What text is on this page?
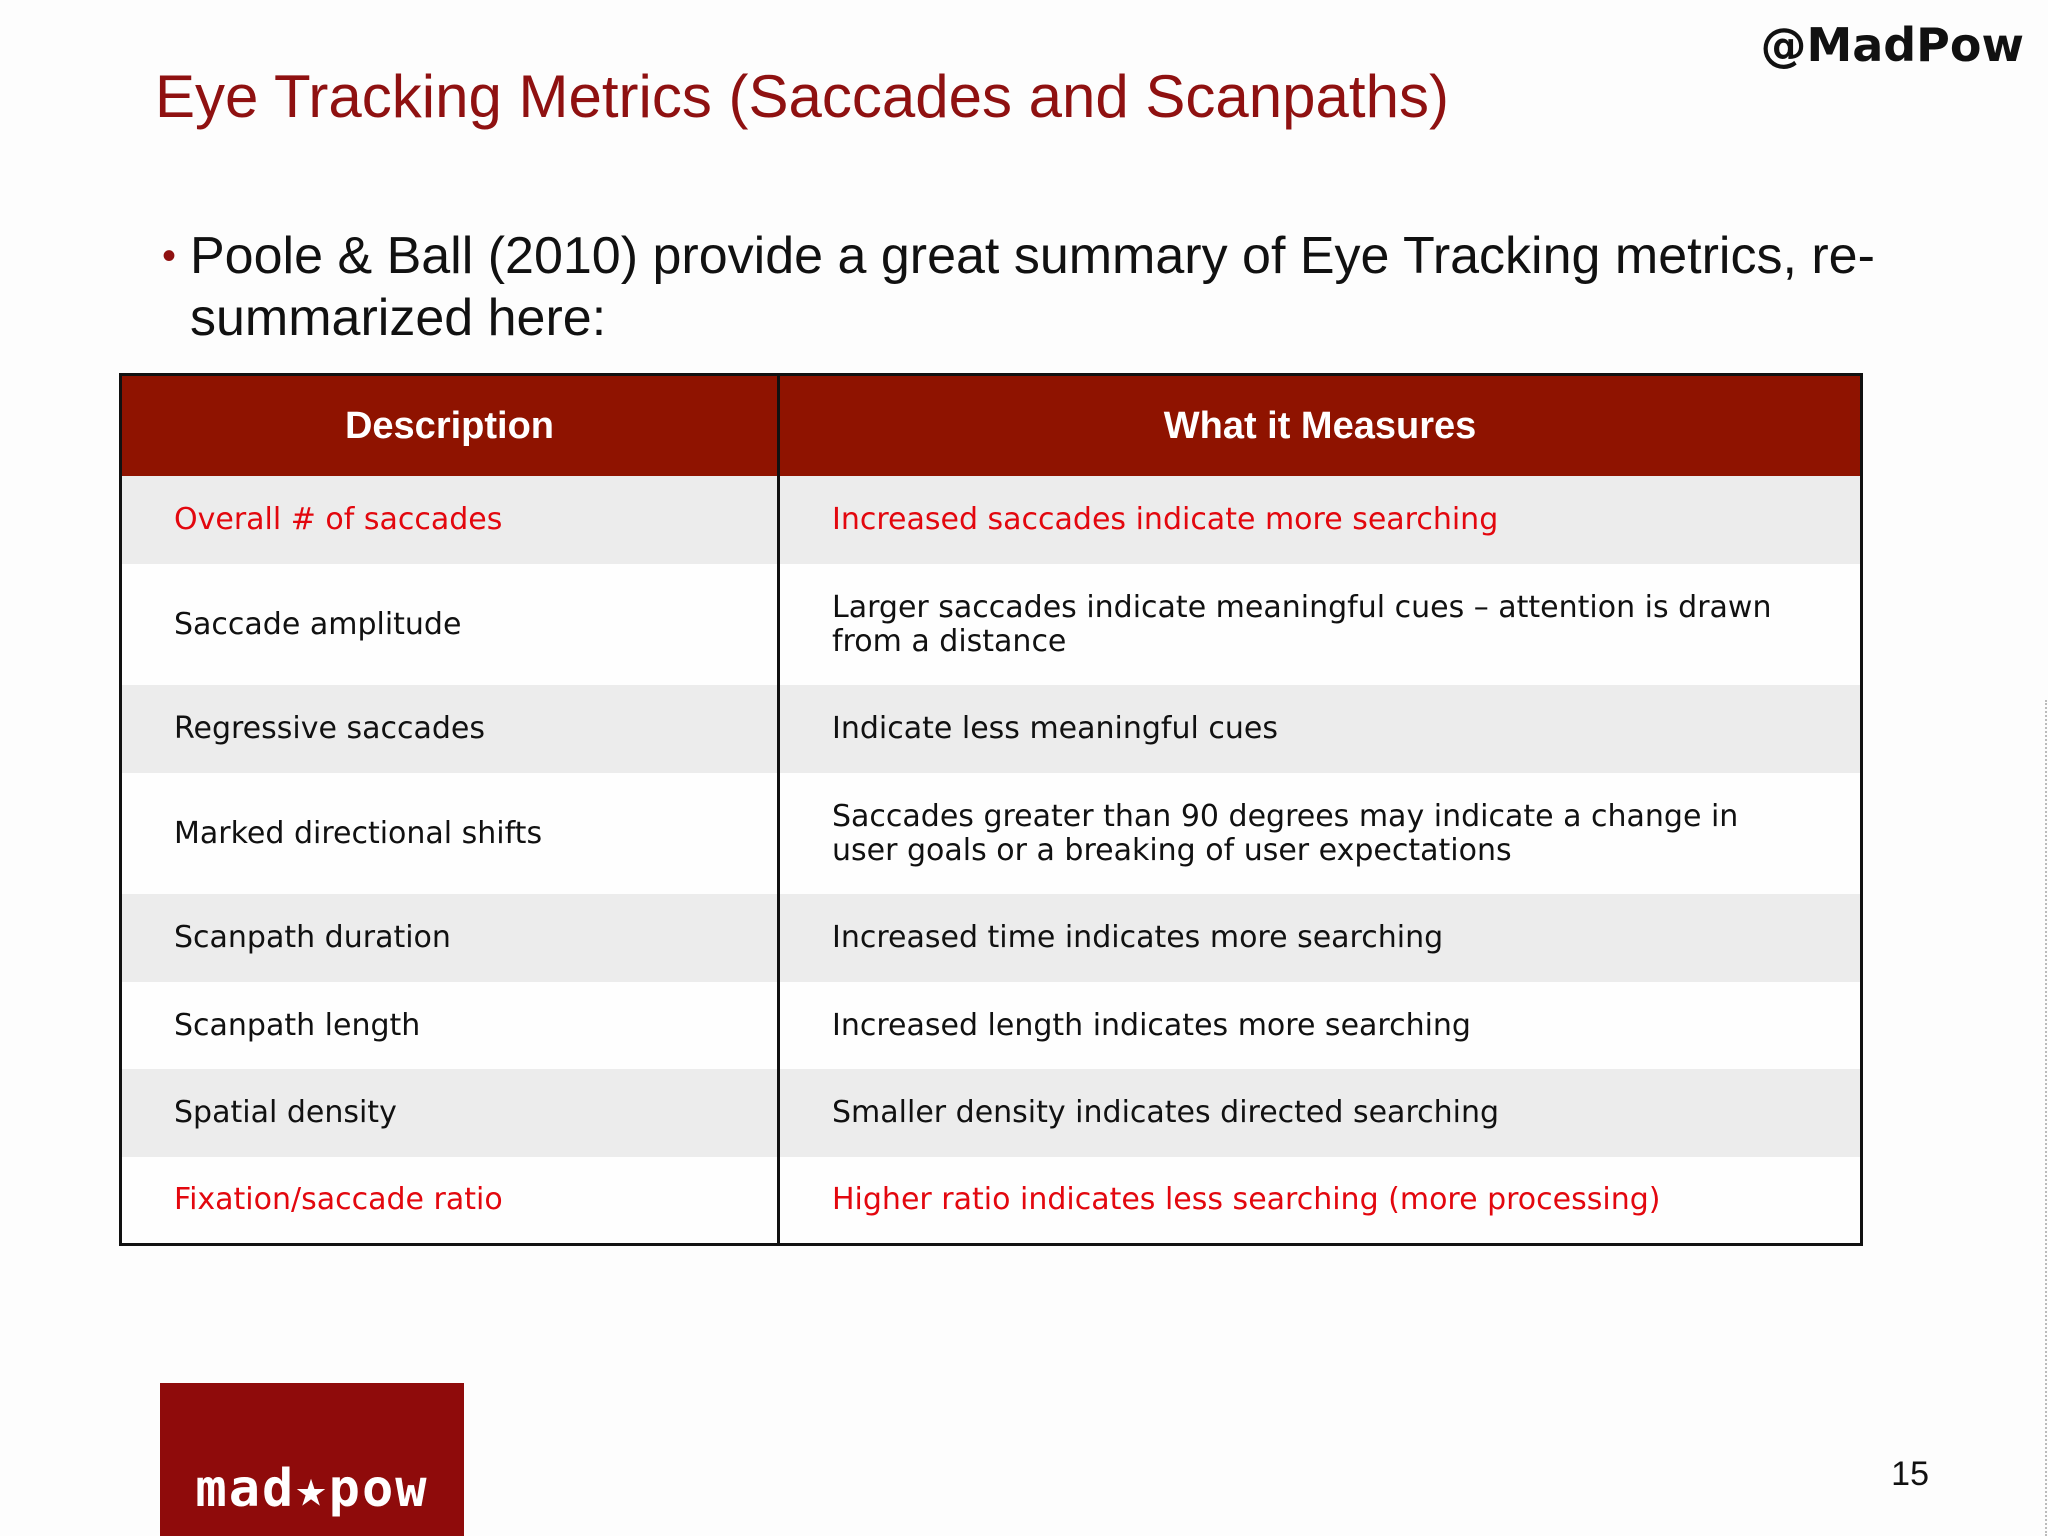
@MadPow
Eye Tracking Metrics (Saccades and Scanpaths)
• Poole & Ball (2010) provide a great summary of Eye Tracking metrics, re-summarized here:
Description	What it Measures
Overall # of saccades	Increased saccades indicate more searching
Saccade amplitude	Larger saccades indicate meaningful cues – attention is drawn from a distance
Regressive saccades	Indicate less meaningful cues
Marked directional shifts	Saccades greater than 90 degrees may indicate a change in user goals or a breaking of user expectations
Scanpath duration	Increased time indicates more searching
Scanpath length	Increased length indicates more searching
Spatial density	Smaller density indicates directed searching
Fixation/saccade ratio	Higher ratio indicates less searching (more processing)
mad★pow	15
